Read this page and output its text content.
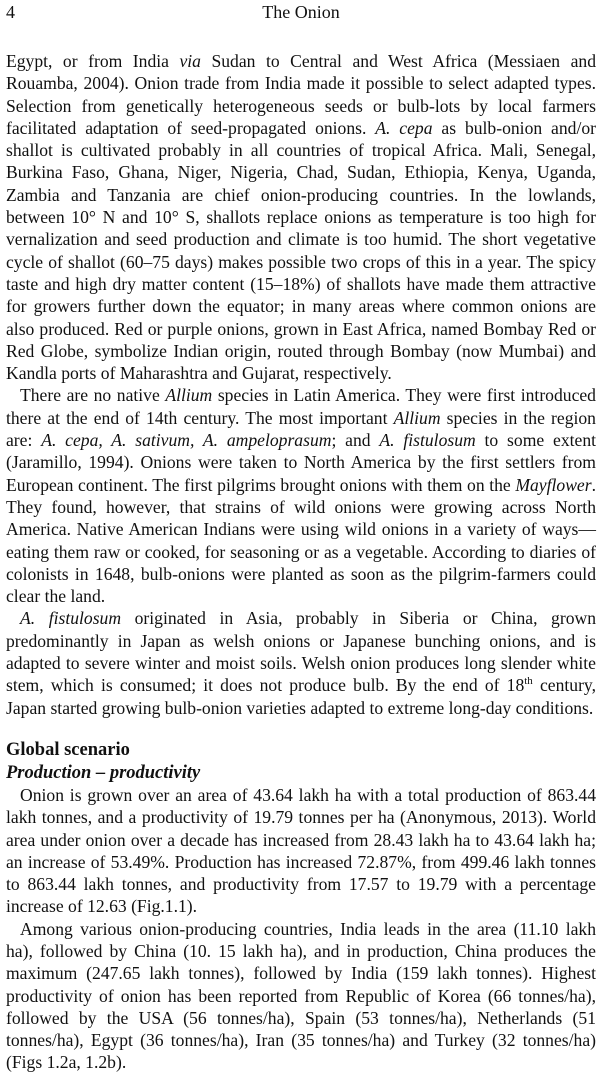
4	The Onion

Egypt, or from India via Sudan to Central and West Africa (Messiaen and Rouamba, 2004). Onion trade from India made it possible to select adapted types. Selection from genetically heterogeneous seeds or bulb-lots by local farmers facilitated adaptation of seed-propagated onions. A. cepa as bulb-onion and/or shallot is cultivated probably in all countries of tropical Africa. Mali, Senegal, Burkina Faso, Ghana, Niger, Nigeria, Chad, Sudan, Ethiopia, Kenya, Uganda, Zambia and Tanzania are chief onion-producing countries. In the lowlands, between 10° N and 10° S, shallots replace onions as temperature is too high for vernalization and seed production and climate is too humid. The short vegetative cycle of shallot (60–75 days) makes possible two crops of this in a year. The spicy taste and high dry matter content (15–18%) of shallots have made them attractive for growers further down the equator; in many areas where common onions are also produced. Red or purple onions, grown in East Africa, named Bombay Red or Red Globe, symbolize Indian origin, routed through Bombay (now Mumbai) and Kandla ports of Maharashtra and Gujarat, respectively.

There are no native Allium species in Latin America. They were first introduced there at the end of 14th century. The most important Allium species in the region are: A. cepa, A. sativum, A. ampeloprasum; and A. fistulosum to some extent (Jaramillo, 1994). Onions were taken to North America by the first settlers from European continent. The first pilgrims brought onions with them on the Mayflower. They found, however, that strains of wild onions were growing across North America. Native American Indians were using wild onions in a variety of ways—eating them raw or cooked, for seasoning or as a vegetable. According to diaries of colonists in 1648, bulb-onions were planted as soon as the pilgrim-farmers could clear the land.

A. fistulosum originated in Asia, probably in Siberia or China, grown predominantly in Japan as welsh onions or Japanese bunching onions, and is adapted to severe winter and moist soils. Welsh onion produces long slender white stem, which is consumed; it does not produce bulb. By the end of 18th century, Japan started growing bulb-onion varieties adapted to extreme long-day conditions.

Global scenario
Production – productivity

Onion is grown over an area of 43.64 lakh ha with a total production of 863.44 lakh tonnes, and a productivity of 19.79 tonnes per ha (Anonymous, 2013). World area under onion over a decade has increased from 28.43 lakh ha to 43.64 lakh ha; an increase of 53.49%. Production has increased 72.87%, from 499.46 lakh tonnes to 863.44 lakh tonnes, and productivity from 17.57 to 19.79 with a percentage increase of 12.63 (Fig.1.1).

Among various onion-producing countries, India leads in the area (11.10 lakh ha), followed by China (10. 15 lakh ha), and in production, China produces the maximum (247.65 lakh tonnes), followed by India (159 lakh tonnes). Highest productivity of onion has been reported from Republic of Korea (66 tonnes/ha), followed by the USA (56 tonnes/ha), Spain (53 tonnes/ha), Netherlands (51 tonnes/ha), Egypt (36 tonnes/ha), Iran (35 tonnes/ha) and Turkey (32 tonnes/ha) (Figs 1.2a, 1.2b).
